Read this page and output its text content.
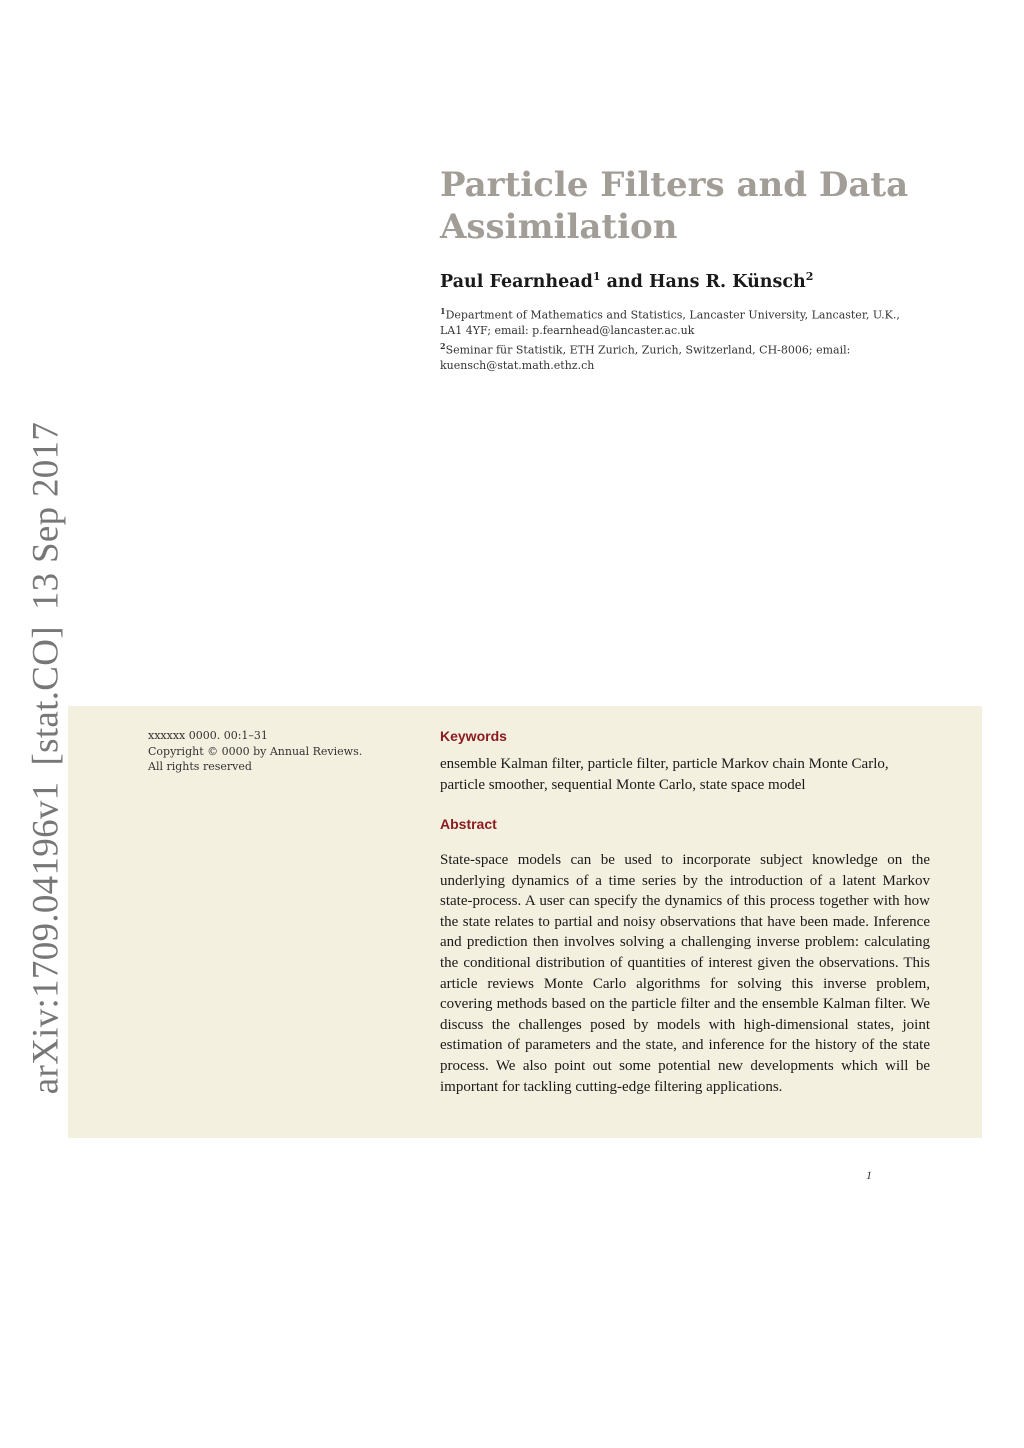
arXiv:1709.04196v1[stat.CO]13 Sep 2017
Particle Filters and Data Assimilation

Paul Fearnhead$^1$ and Hans R. Künsch$^2$

$^1$Department of Mathematics and Statistics, Lancaster University, Lancaster, U.K., LA1 4YF; email: p.fearnhead@lancaster.ac.uk
$^2$Seminar für Statistik, ETH Zurich, Zurich, Switzerland, CH-8006; email: kuensch@stat.math.ethz.ch
xxxxxx 0000. 00:1–31
Copyright © 0000 by Annual Reviews.
All rights reserved
Keywords

ensemble Kalman filter, particle filter, particle Markov chain Monte Carlo, particle smoother, sequential Monte Carlo, state space model

Abstract

State-space models can be used to incorporate subject knowledge on the underlying dynamics of a time series by the introduction of a latent Markov state-process. A user can specify the dynamics of this process together with how the state relates to partial and noisy observations that have been made. Inference and prediction then involves solving a challenging inverse problem: calculating the conditional distribution of quantities of interest given the observations. This article reviews Monte Carlo algorithms for solving this inverse problem, covering methods based on the particle filter and the ensemble Kalman filter. We discuss the challenges posed by models with high-dimensional states, joint estimation of parameters and the state, and inference for the history of the state process. We also point out some potential new developments which will be important for tackling cutting-edge filtering applications.

1
